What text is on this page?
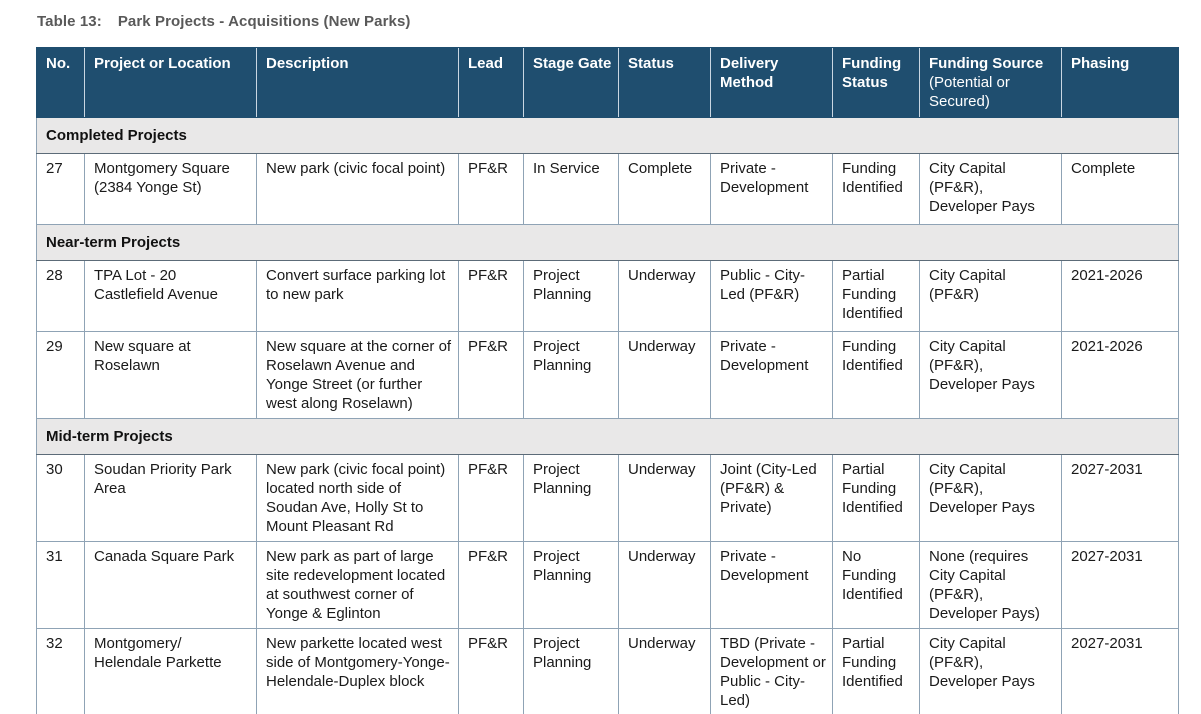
Table 13: Park Projects - Acquisitions (New Parks)
No.	Project or Location	Description	Lead	Stage Gate	Status	Delivery Method	Funding Status	Funding Source (Potential or Secured)	Phasing
Completed Projects									
27	Montgomery Square (2384 Yonge St)	New park (civic focal point)	PF&R	In Service	Complete	Private - Development	Funding Identified	City Capital (PF&R), Developer Pays	Complete
Near-term Projects									
28	TPA Lot - 20 Castlefield Avenue	Convert surface parking lot to new park	PF&R	Project Planning	Underway	Public - City-Led (PF&R)	Partial Funding Identified	City Capital (PF&R)	2021-2026
29	New square at Roselawn	New square at the corner of Roselawn Avenue and Yonge Street (or further west along Roselawn)	PF&R	Project Planning	Underway	Private - Development	Funding Identified	City Capital (PF&R), Developer Pays	2021-2026
Mid-term Projects									
30	Soudan Priority Park Area	New park (civic focal point) located north side of Soudan Ave, Holly St to Mount Pleasant Rd	PF&R	Project Planning	Underway	Joint (City-Led (PF&R) & Private)	Partial Funding Identified	City Capital (PF&R), Developer Pays	2027-2031
31	Canada Square Park	New park as part of large site redevelopment located at southwest corner of Yonge & Eglinton	PF&R	Project Planning	Underway	Private - Development	No Funding Identified	None (requires City Capital (PF&R), Developer Pays)	2027-2031
32	Montgomery/ Helendale Parkette	New parkette located west side of Montgomery-Yonge-Helendale-Duplex block	PF&R	Project Planning	Underway	TBD (Private - Development or Public - City-Led)	Partial Funding Identified	City Capital (PF&R), Developer Pays	2027-2031
